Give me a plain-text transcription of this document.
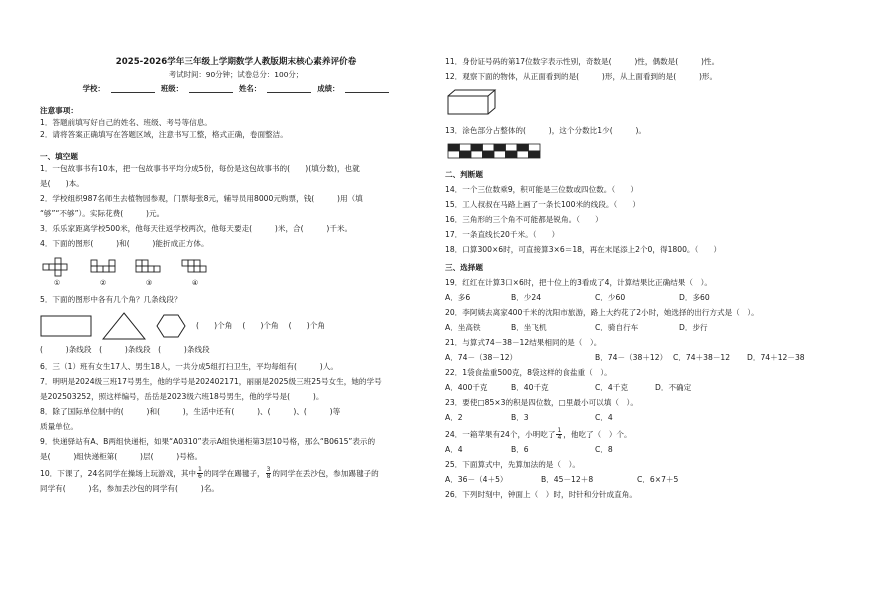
2025-2026学年三年级上学期数学人教版期末核心素养评价卷
考试时间：90分钟；试卷总分：100分；
学校：	班级：	姓名：	成绩：
注意事项：
1．答题前填写好自己的姓名、班级、考号等信息。
2．请将答案正确填写在答题区域，注意书写工整，格式正确，卷面整洁。
一、填空题
1．一包故事书有10本，把一包故事书平均分成5份，每份是这包故事书的(　　)(填分数)，也就
是(　　)本。
2．学校组织987名师生去植物园参观，门票每张8元，辅导员用8000元购票，钱(　　　)用（填
“够”“不够”）。实际花费(　　　)元。
3．乐乐家距离学校500米，他每天往返学校两次，他每天要走(　　　)米，合(　　　)千米。
4．下面的图形(　　　)和(　　　)能折成正方体。
①	②	③	④
5．下面的图形中各有几个角？几条线段？
(　　)个角 (　　)个角 (　　)个角
(　　　)条线段　(　　　)条线段　(　　　)条线段
6．三（1）班有女生17人、男生18人，一共分成5组打扫卫生，平均每组有(　　　)人。
7．明明是2024级三班17号男生，他的学号是202402171，丽丽是2025级三班25号女生，她的学号
是202503252，照这样编号，岳岳是2023级六班18号男生，他的学号是(　　　)。
8．除了国际单位制中的(　　　)和(　　　)，生活中还有(　　　)、(　　　)、(　　　)等
质量单位。
9．快递驿站有A、B两组快递柜，如果“A0310”表示A组快递柜第3层10号格，那么“B0615”表示的
是(　　　)组快递柜第(　　　)层(　　　)号格。
10．下课了，24名同学在操场上玩游戏，其中 $\frac{1}{6}$ 的同学在踢毽子， $\frac{3}{8}$ 的同学在丢沙包，参加踢毽子的
同学有(　　　)名，参加丢沙包的同学有(　　　)名。
11．身份证号码的第17位数字表示性别，奇数是(　　　)性，偶数是(　　　)性。
12．观察下面的物体，从正面看到的是(　　　)形，从上面看到的是(　　　)形。
13．涂色部分占整体的(　　　)，这个分数比1少(　　　)。
二、判断题
14．一个三位数乘9，积可能是三位数或四位数。（　　）
15．工人叔叔在马路上画了一条长100米的线段。（　　）
16．三角形的三个角不可能都是锐角。（　　）
17．一条直线长20千米。（　　）
18．口算300×6时，可直接算3×6＝18，再在末尾添上2个0，得1800。（　　）
三、选择题
19．红红在计算3口×6时，把十位上的3看成了4，计算结果比正确结果（　）。
A．多6	B．少24	C．少60	D．多60
20．李阿姨去离家400千米的沈阳市旅游，路上大约花了2小时，她选择的出行方式是（　）。
A．坐高铁	B．坐飞机	C．骑自行车	D．步行
21．与算式74－38－12结果相同的是（　）。
A．74－（38－12）	B．74－（38＋12） C．74＋38－12	D．74＋12－38
22．1袋食盐重500克，8袋这样的食盐重（　）。
A．400千克	B．40千克	C．4千克	D．不确定
23．要使□85×3的积是四位数，□里最小可以填（　）。
A．2	B．3	C．4
24．一箱苹果有24个，小明吃了 $\frac{1}{4}$ ，他吃了（　）个。
A．4	B．6	C．8
25．下面算式中，先算加法的是（　）。
A．36－（4＋5）	B．45－12＋8	C．6×7＋5
26．下列时刻中，钟面上（　）时，时针和分针成直角。
